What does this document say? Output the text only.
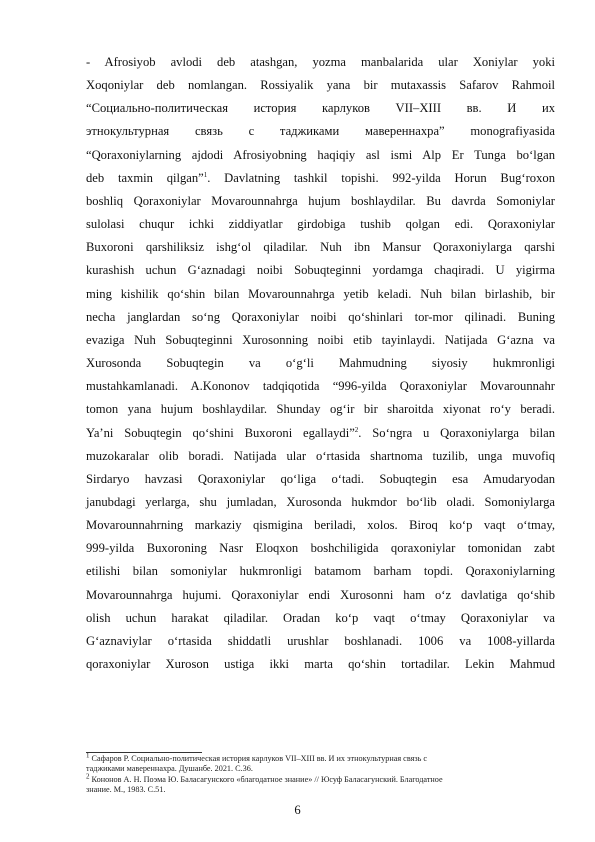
- Afrosiyob avlodi deb atashgan, yozma manbalarida ular Xoniylar yoki
Xoqoniylar deb nomlangan. Rossiyalik yana bir mutaxassis Safarov Rahmoil
“Социально-политическая история карлуков VII–XIII вв. И их
этнокультурная связь с таджиками мавереннахра” monografiyasida
“Qoraxoniylarning ajdodi Afrosiyobning haqiqiy asl ismi Alp Er Tunga bo‘lgan
deb taxmin qilgan”$^1$. Davlatning tashkil topishi. 992-yilda Horun Bug‘roxon
boshliq Qoraxoniylar Movarounnahrga hujum boshlaydilar. Bu davrda Somoniylar
sulolasi chuqur ichki ziddiyatlar girdobiga tushib qolgan edi. Qoraxoniylar
Buxoroni qarshiliksiz ishg‘ol qiladilar. Nuh ibn Mansur Qoraxoniylarga qarshi
kurashish uchun G‘aznadagi noibi Sobuqteginni yordamga chaqiradi. U yigirma
ming kishilik qo‘shin bilan Movarounnahrga yetib keladi. Nuh bilan birlashib, bir
necha janglardan so‘ng Qoraxoniylar noibi qo‘shinlari tor-mor qilinadi. Buning
evaziga Nuh Sobuqteginni Xurosonning noibi etib tayinlaydi. Natijada G‘azna va
Xurosonda Sobuqtegin va o‘g‘li Mahmudning siyosiy hukmronligi
mustahkamlanadi. A.Kononov tadqiqotida “996-yilda Qoraxoniylar Movarounnahr
tomon yana hujum boshlaydilar. Shunday og‘ir bir sharoitda xiyonat ro‘y beradi.
Ya’ni Sobuqtegin qo‘shini Buxoroni egallaydi”$^2$. So‘ngra u Qoraxoniylarga bilan
muzokaralar olib boradi. Natijada ular o‘rtasida shartnoma tuzilib, unga muvofiq
Sirdaryo havzasi Qoraxoniylar qo‘liga o‘tadi. Sobuqtegin esa Amudaryodan
janubdagi yerlarga, shu jumladan, Xurosonda hukmdor bo‘lib oladi. Somoniylarga
Movarounnahrning markaziy qismigina beriladi, xolos. Biroq ko‘p vaqt o‘tmay,
999-yilda Buxoroning Nasr Eloqxon boshchiligida qoraxoniylar tomonidan zabt
etilishi bilan somoniylar hukmronligi batamom barham topdi. Qoraxoniylarning
Movarounnahrga hujumi. Qoraxoniylar endi Xurosonni ham o‘z davlatiga qo‘shib
olish uchun harakat qiladilar. Oradan ko‘p vaqt o‘tmay Qoraxoniylar va
G‘aznaviylar o‘rtasida shiddatli urushlar boshlanadi. 1006 va 1008-yillarda
qoraxoniylar Xuroson ustiga ikki marta qo‘shin tortadilar. Lekin Mahmud

$^1$ Сафаров Р. Социально-политическая история карлуков VII–XIII вв. И их этнокультурная связь с
таджиками мавереннахра. Душанбе. 2021. С.36.

$^2$ Кононов А. Н. Поэма Ю. Баласагунского «благодатное знание» // Юсуф Баласагунский. Благодатное
знание. М., 1983. С.51.

6
